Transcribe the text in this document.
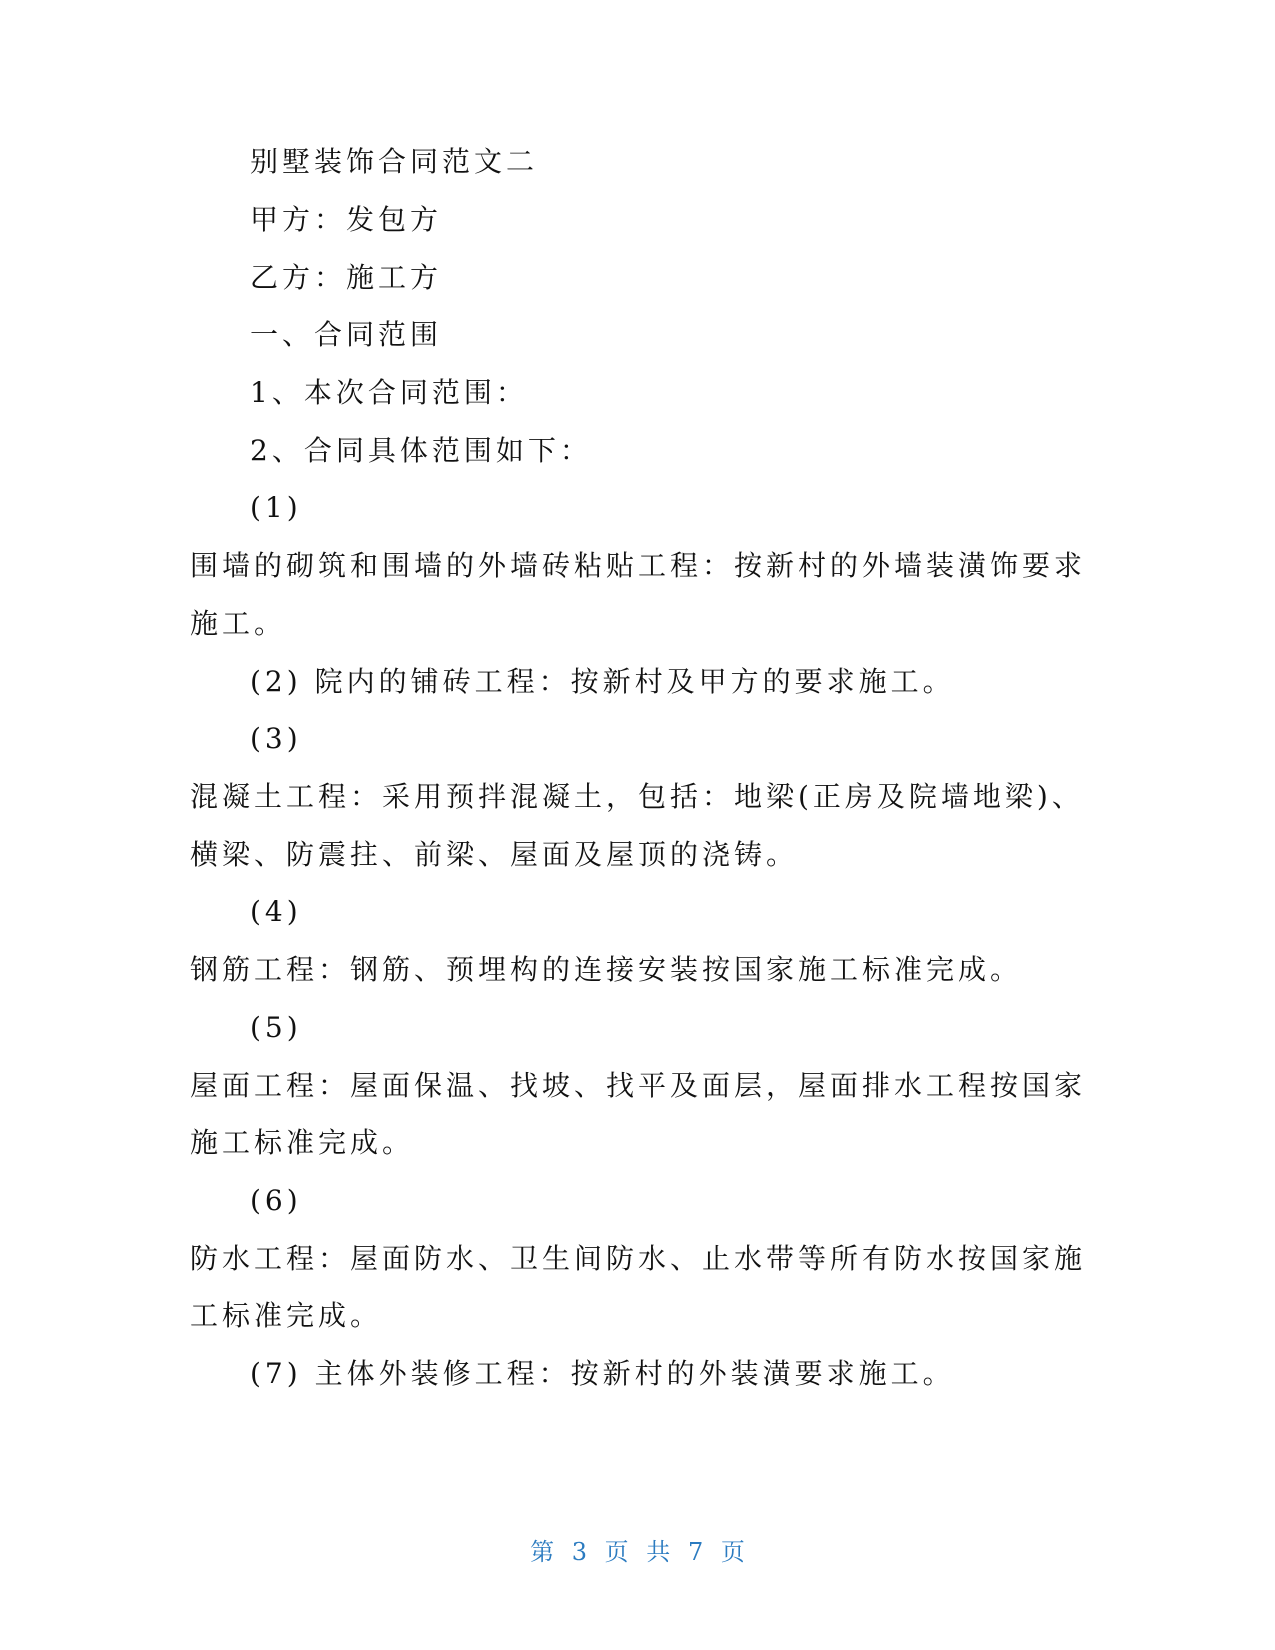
别墅装饰合同范文二
甲方：发包方
乙方：施工方
一、合同范围
1、本次合同范围：
2、合同具体范围如下：
(1)
围墙的砌筑和围墙的外墙砖粘贴工程：按新村的外墙装潢饰要求
施工。
(2) 院内的铺砖工程：按新村及甲方的要求施工。
(3)
混凝土工程：采用预拌混凝土，包括：地梁(正房及院墙地梁)、
横梁、防震拄、前梁、屋面及屋顶的浇铸。
(4)
钢筋工程：钢筋、预埋构的连接安装按国家施工标准完成。
(5)
屋面工程：屋面保温、找坡、找平及面层，屋面排水工程按国家
施工标准完成。
(6)
防水工程：屋面防水、卫生间防水、止水带等所有防水按国家施
工标准完成。
(7) 主体外装修工程：按新村的外装潢要求施工。
第 3 页 共 7 页
